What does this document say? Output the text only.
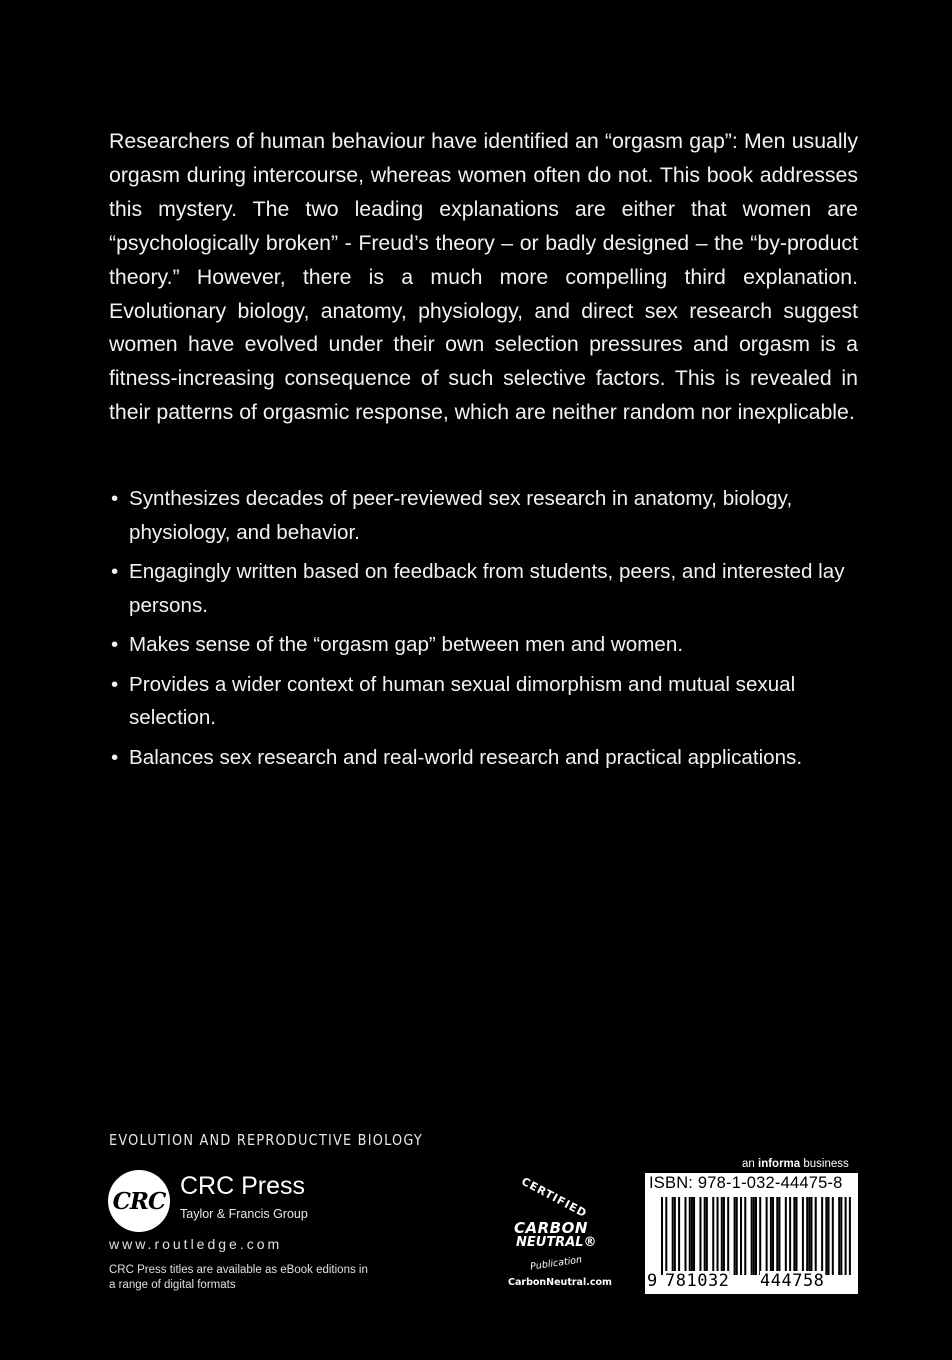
Researchers of human behaviour have identified an “orgasm gap”: Men usually orgasm during intercourse, whereas women often do not. This book addresses this mystery. The two leading explanations are either that women are “psychologically broken” - Freud’s theory – or badly designed – the “by-product theory.” However, there is a much more compelling third explanation. Evolutionary biology, anatomy, physiology, and direct sex research suggest women have evolved under their own selection pressures and orgasm is a fitness-increasing consequence of such selective factors. This is revealed in their patterns of orgasmic response, which are neither random nor inexplicable.

• Synthesizes decades of peer-reviewed sex research in anatomy, biology, physiology, and behavior.
• Engagingly written based on feedback from students, peers, and interested lay persons.
• Makes sense of the “orgasm gap” between men and women.
• Provides a wider context of human sexual dimorphism and mutual sexual selection.
• Balances sex research and real-world research and practical applications.
EVOLUTION AND REPRODUCTIVE BIOLOGY
CRC
CRC Press
Taylor & Francis Group
www.routledge.com
CRC Press titles are available as eBook editions in a range of digital formats
CERTIFIED
CARBON
NEUTRAL®
Publication
CarbonNeutral.com
an informa business
ISBN: 978-1-032-44475-8
9 781032 444758
